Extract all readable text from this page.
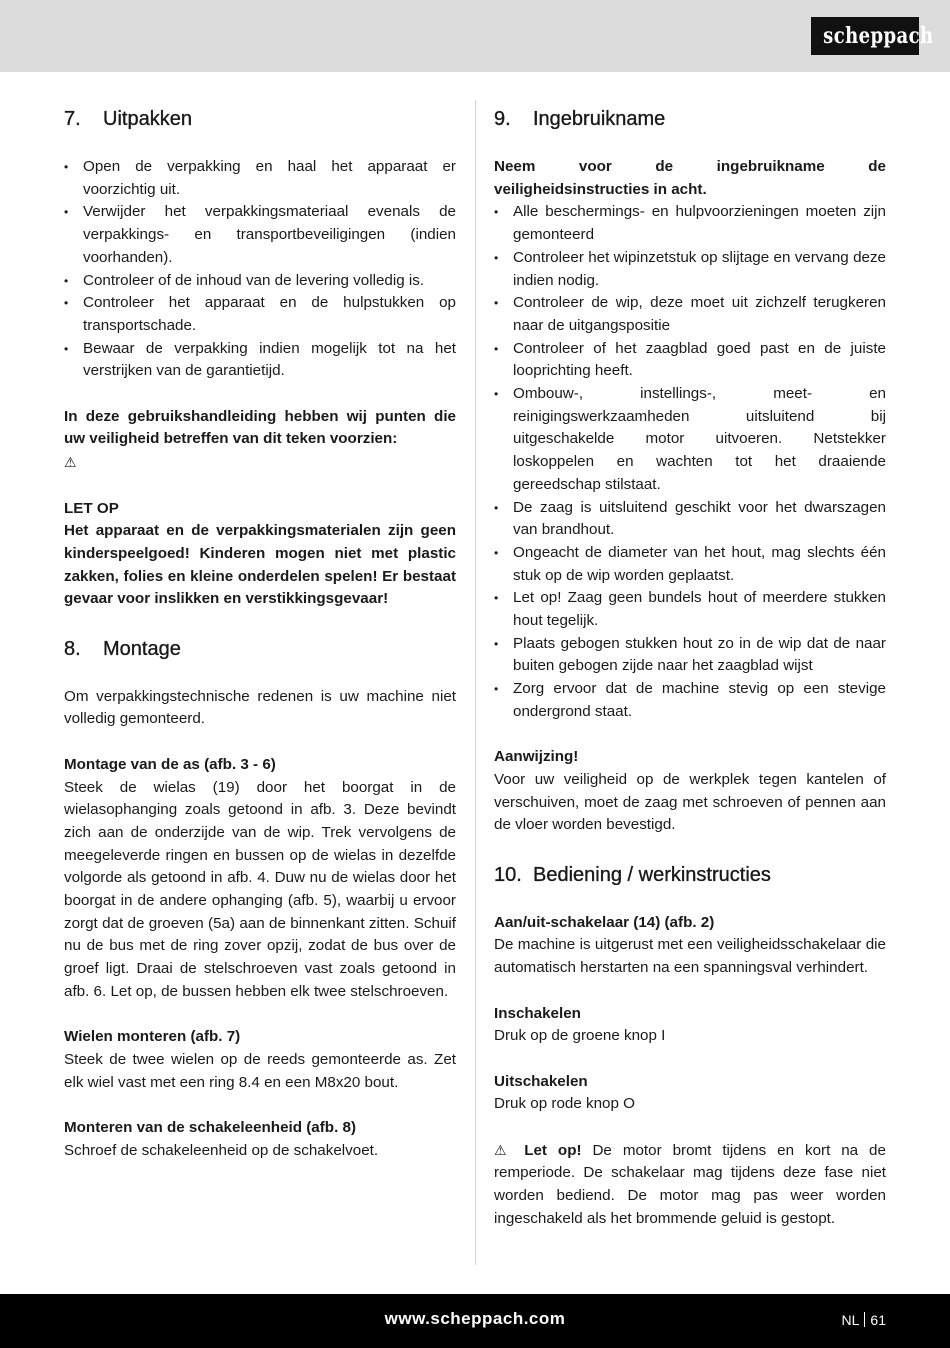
scheppach
7. Uitpakken
• Open de verpakking en haal het apparaat er voorzichtig uit.
• Verwijder het verpakkingsmateriaal evenals de verpakkings- en transportbeveiligingen (indien voorhanden).
• Controleer of de inhoud van de levering volledig is.
• Controleer het apparaat en de hulpstukken op transportschade.
• Bewaar de verpakking indien mogelijk tot na het verstrijken van de garantietijd.

In deze gebruikshandleiding hebben wij punten die uw veiligheid betreffen van dit teken voorzien:

⚠

LET OP

Het apparaat en de verpakkingsmaterialen zijn geen kinderspeelgoed! Kinderen mogen niet met plastic zakken, folies en kleine onderdelen spelen! Er bestaat gevaar voor inslikken en verstikkingsgevaar!

8. Montage

Om verpakkingstechnische redenen is uw machine niet volledig gemonteerd.

Montage van de as (afb. 3 - 6)

Steek de wielas (19) door het boorgat in de wielasophanging zoals getoond in afb. 3. Deze bevindt zich aan de onderzijde van de wip. Trek vervolgens de meegeleverde ringen en bussen op de wielas in dezelfde volgorde als getoond in afb. 4. Duw nu de wielas door het boorgat in de andere ophanging (afb. 5), waarbij u ervoor zorgt dat de groeven (5a) aan de binnenkant zitten. Schuif nu de bus met de ring zover opzij, zodat de bus over de groef ligt. Draai de stelschroeven vast zoals getoond in afb. 6. Let op, de bussen hebben elk twee stelschroeven.

Wielen monteren (afb. 7)

Steek de twee wielen op de reeds gemonteerde as. Zet elk wiel vast met een ring 8.4 en een M8x20 bout.

Monteren van de schakeleenheid (afb. 8)

Schroef de schakeleenheid op de schakelvoet.

9. Ingebruikname

Neem voor de ingebruikname de veiligheidsinstructies in acht.

• Alle beschermings- en hulpvoorzieningen moeten zijn gemonteerd
• Controleer het wipinzetstuk op slijtage en vervang deze indien nodig.
• Controleer de wip, deze moet uit zichzelf terugkeren naar de uitgangspositie
• Controleer of het zaagblad goed past en de juiste looprichting heeft.
• Ombouw-, instellings-, meet- en reinigingswerkzaamheden uitsluitend bij uitgeschakelde motor uitvoeren. Netstekker loskoppelen en wachten tot het draaiende gereedschap stilstaat.
• De zaag is uitsluitend geschikt voor het dwarszagen van brandhout.
• Ongeacht de diameter van het hout, mag slechts één stuk op de wip worden geplaatst.
• Let op! Zaag geen bundels hout of meerdere stukken hout tegelijk.
• Plaats gebogen stukken hout zo in de wip dat de naar buiten gebogen zijde naar het zaagblad wijst
• Zorg ervoor dat de machine stevig op een stevige ondergrond staat.

Aanwijzing!

Voor uw veiligheid op de werkplek tegen kantelen of verschuiven, moet de zaag met schroeven of pennen aan de vloer worden bevestigd.

10. Bediening / werkinstructies

Aan/uit-schakelaar (14) (afb. 2)

De machine is uitgerust met een veiligheidsschakelaar die automatisch herstarten na een spanningsval verhindert.

Inschakelen

Druk op de groene knop I

Uitschakelen

Druk op rode knop O

⚠ Let op! De motor bromt tijdens en kort na de remperiode. De schakelaar mag tijdens deze fase niet worden bediend. De motor mag pas weer worden ingeschakeld als het brommende geluid is gestopt.

www.scheppach.com	NL 61
